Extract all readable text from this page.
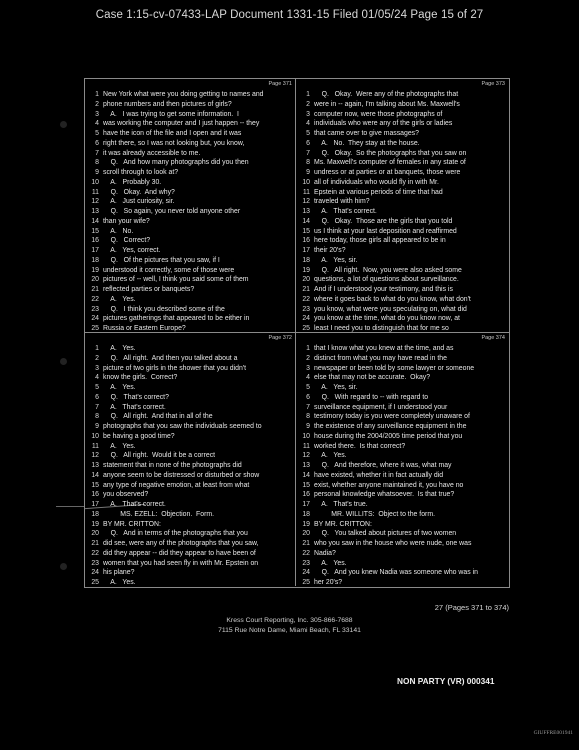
Case 1:15-cv-07433-LAP Document 1331-15 Filed 01/05/24 Page 15 of 27
Page 371
1 New York what were you doing getting to names and
2 phone numbers and then pictures of girls?
3 A.   I was trying to get some information.  I
4 was working the computer and I just happen -- they
5 have the icon of the file and I open and it was
6 right there, so I was not looking but, you know,
7 it was already accessible to me.
8 Q.   And how many photographs did you then
9 scroll through to look at?
10 A.   Probably 30.
11 Q.   Okay.  And why?
12 A.   Just curiosity, sir.
13 Q.   So again, you never told anyone other
14 than your wife?
15 A.   No.
16 Q.   Correct?
17 A.   Yes, correct.
18 Q.   Of the pictures that you saw, if I
19 understood it correctly, some of those were
20 pictures of -- well, I think you said some of them
21 reflected parties or banquets?
22 A.   Yes.
23 Q.   I think you described some of the
24 pictures gatherings that appeared to be either in
25 Russia or Eastern Europe?
Page 373
1 Q.   Okay.  Were any of the photographs that
2 were in -- again, I'm talking about Ms. Maxwell's
3 computer now, were those photographs of
4 individuals who were any of the girls or ladies
5 that came over to give massages?
6 A.   No.  They stay at the house.
7 Q.   Okay.  So the photographs that you saw on
8 Ms. Maxwell's computer of females in any state of
9 undress or at parties or at banquets, those were
10 all of individuals who would fly in with Mr.
11 Epstein at various periods of time that had
12 traveled with him?
13 A.   That's correct.
14 Q.   Okay.  Those are the girls that you told
15 us I think at your last deposition and reaffirmed
16 here today, those girls all appeared to be in
17 their 20's?
18 A.   Yes, sir.
19 Q.   All right.  Now, you were also asked some
20 questions, a lot of questions about surveillance.
21 And if I understood your testimony, and this is
22 where it goes back to what do you know, what don't
23 you know, what were you speculating on, what did
24 you know at the time, what do you know now, at
25 least I need you to distinguish that for me so
Page 372
1 A.   Yes.
2 Q.   All right.  And then you talked about a
3 picture of two girls in the shower that you didn't
4 know the girls.  Correct?
5 A.   Yes.
6 Q.   That's correct?
7 A.   That's correct.
8 Q.   All right.  And that in all of the
9 photographs that you saw the individuals seemed to
10 be having a good time?
11 A.   Yes.
12 Q.   All right.  Would it be a correct
13 statement that in none of the photographs did
14 anyone seem to be distressed or disturbed or show
15 any type of negative emotion, at least from what
16 you observed?
17 A.   That's correct.
18 MS. EZELL:  Objection.  Form.
19 BY MR. CRITTON:
20 Q.   And in terms of the photographs that you
21 did see, were any of the photographs that you saw,
22 did they appear -- did they appear to have been of
23 women that you had seen fly in with Mr. Epstein on
24 his plane?
25 A.   Yes.
Page 374
1 that I know what you knew at the time, and as
2 distinct from what you may have read in the
3 newspaper or been told by some lawyer or someone
4 else that may not be accurate.  Okay?
5 A.   Yes, sir.
6 Q.   With regard to -- with regard to
7 surveillance equipment, if I understood your
8 testimony today is you were completely unaware of
9 the existence of any surveillance equipment in the
10 house during the 2004/2005 time period that you
11 worked there.  Is that correct?
12 A.   Yes.
13 Q.   And therefore, where it was, what may
14 have existed, whether it in fact actually did
15 exist, whether anyone maintained it, you have no
16 personal knowledge whatsoever.  Is that true?
17 A.   That's true.
18 MR. WILLITS:  Object to the form.
19 BY MR. CRITTON:
20 Q.   You talked about pictures of two women
21 who you saw in the house who were nude, one was
22 Nadia?
23 A.   Yes.
24 Q.   And you knew Nadia was someone who was in
25 her 20's?
27 (Pages 371 to 374)
Kress Court Reporting, Inc. 305-866-7688
7115 Rue Notre Dame, Miami Beach, FL 33141
NON PARTY (VR) 000341
GIUFFRE001941
